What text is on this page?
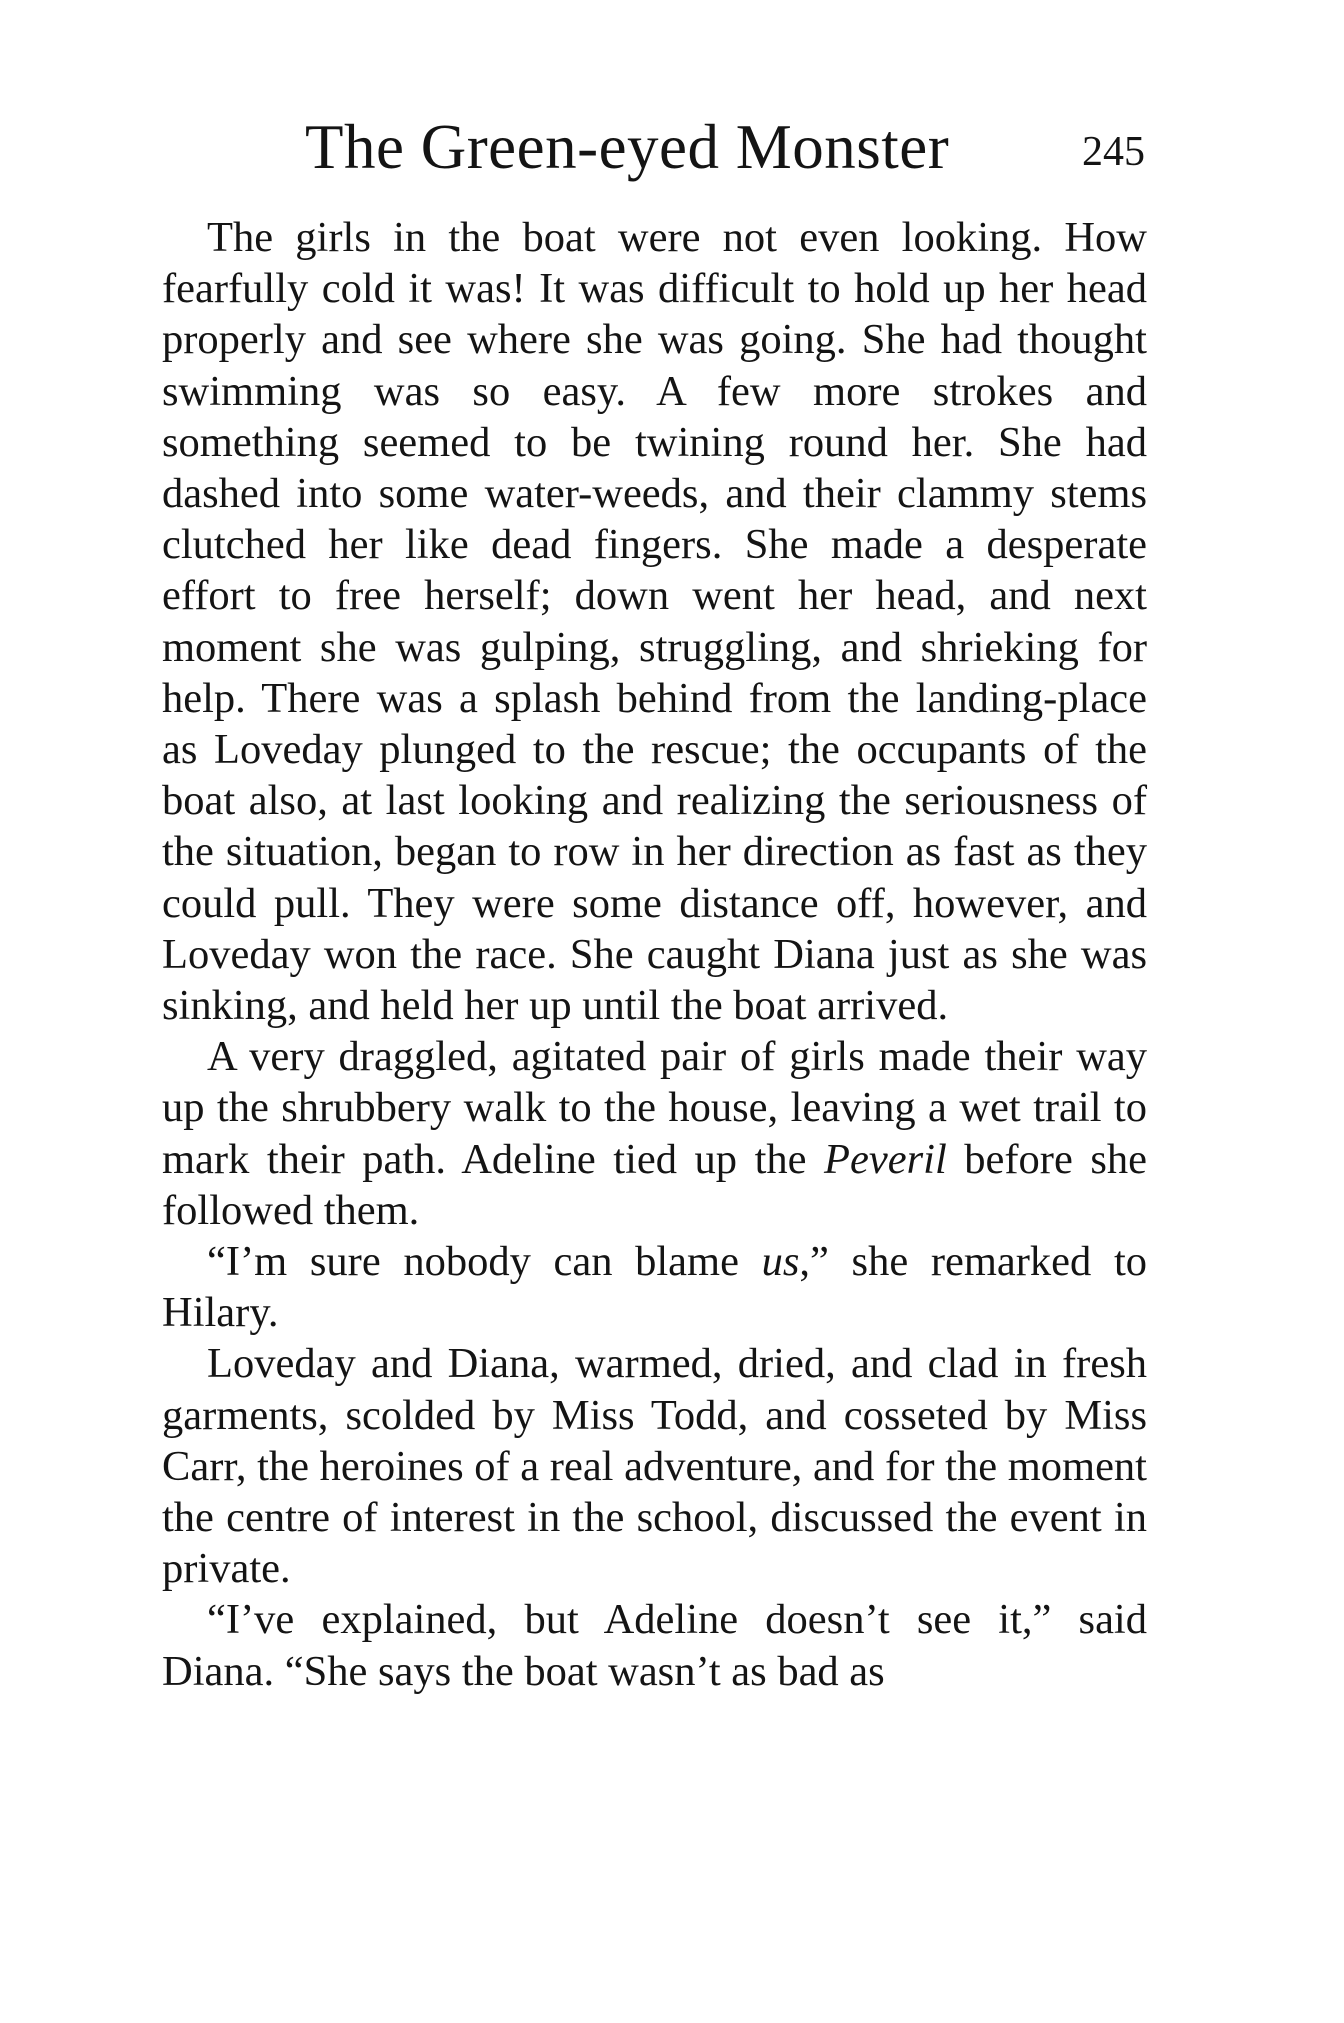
The Green-eyed Monster	245

The girls in the boat were not even looking. How fearfully cold it was! It was difficult to hold up her head properly and see where she was going. She had thought swimming was so easy. A few more strokes and something seemed to be twining round her. She had dashed into some water-weeds, and their clammy stems clutched her like dead fingers. She made a desperate effort to free herself; down went her head, and next moment she was gulping, struggling, and shrieking for help. There was a splash behind from the landing-place as Loveday plunged to the rescue; the occupants of the boat also, at last looking and realizing the seriousness of the situation, began to row in her direction as fast as they could pull. They were some distance off, however, and Loveday won the race. She caught Diana just as she was sinking, and held her up until the boat arrived.

A very draggled, agitated pair of girls made their way up the shrubbery walk to the house, leaving a wet trail to mark their path. Adeline tied up the Peveril before she followed them.

“I’m sure nobody can blame us,” she remarked to Hilary.

Loveday and Diana, warmed, dried, and clad in fresh garments, scolded by Miss Todd, and cosseted by Miss Carr, the heroines of a real adventure, and for the moment the centre of interest in the school, discussed the event in private.

“I’ve explained, but Adeline doesn’t see it,” said Diana. “She says the boat wasn’t as bad as
